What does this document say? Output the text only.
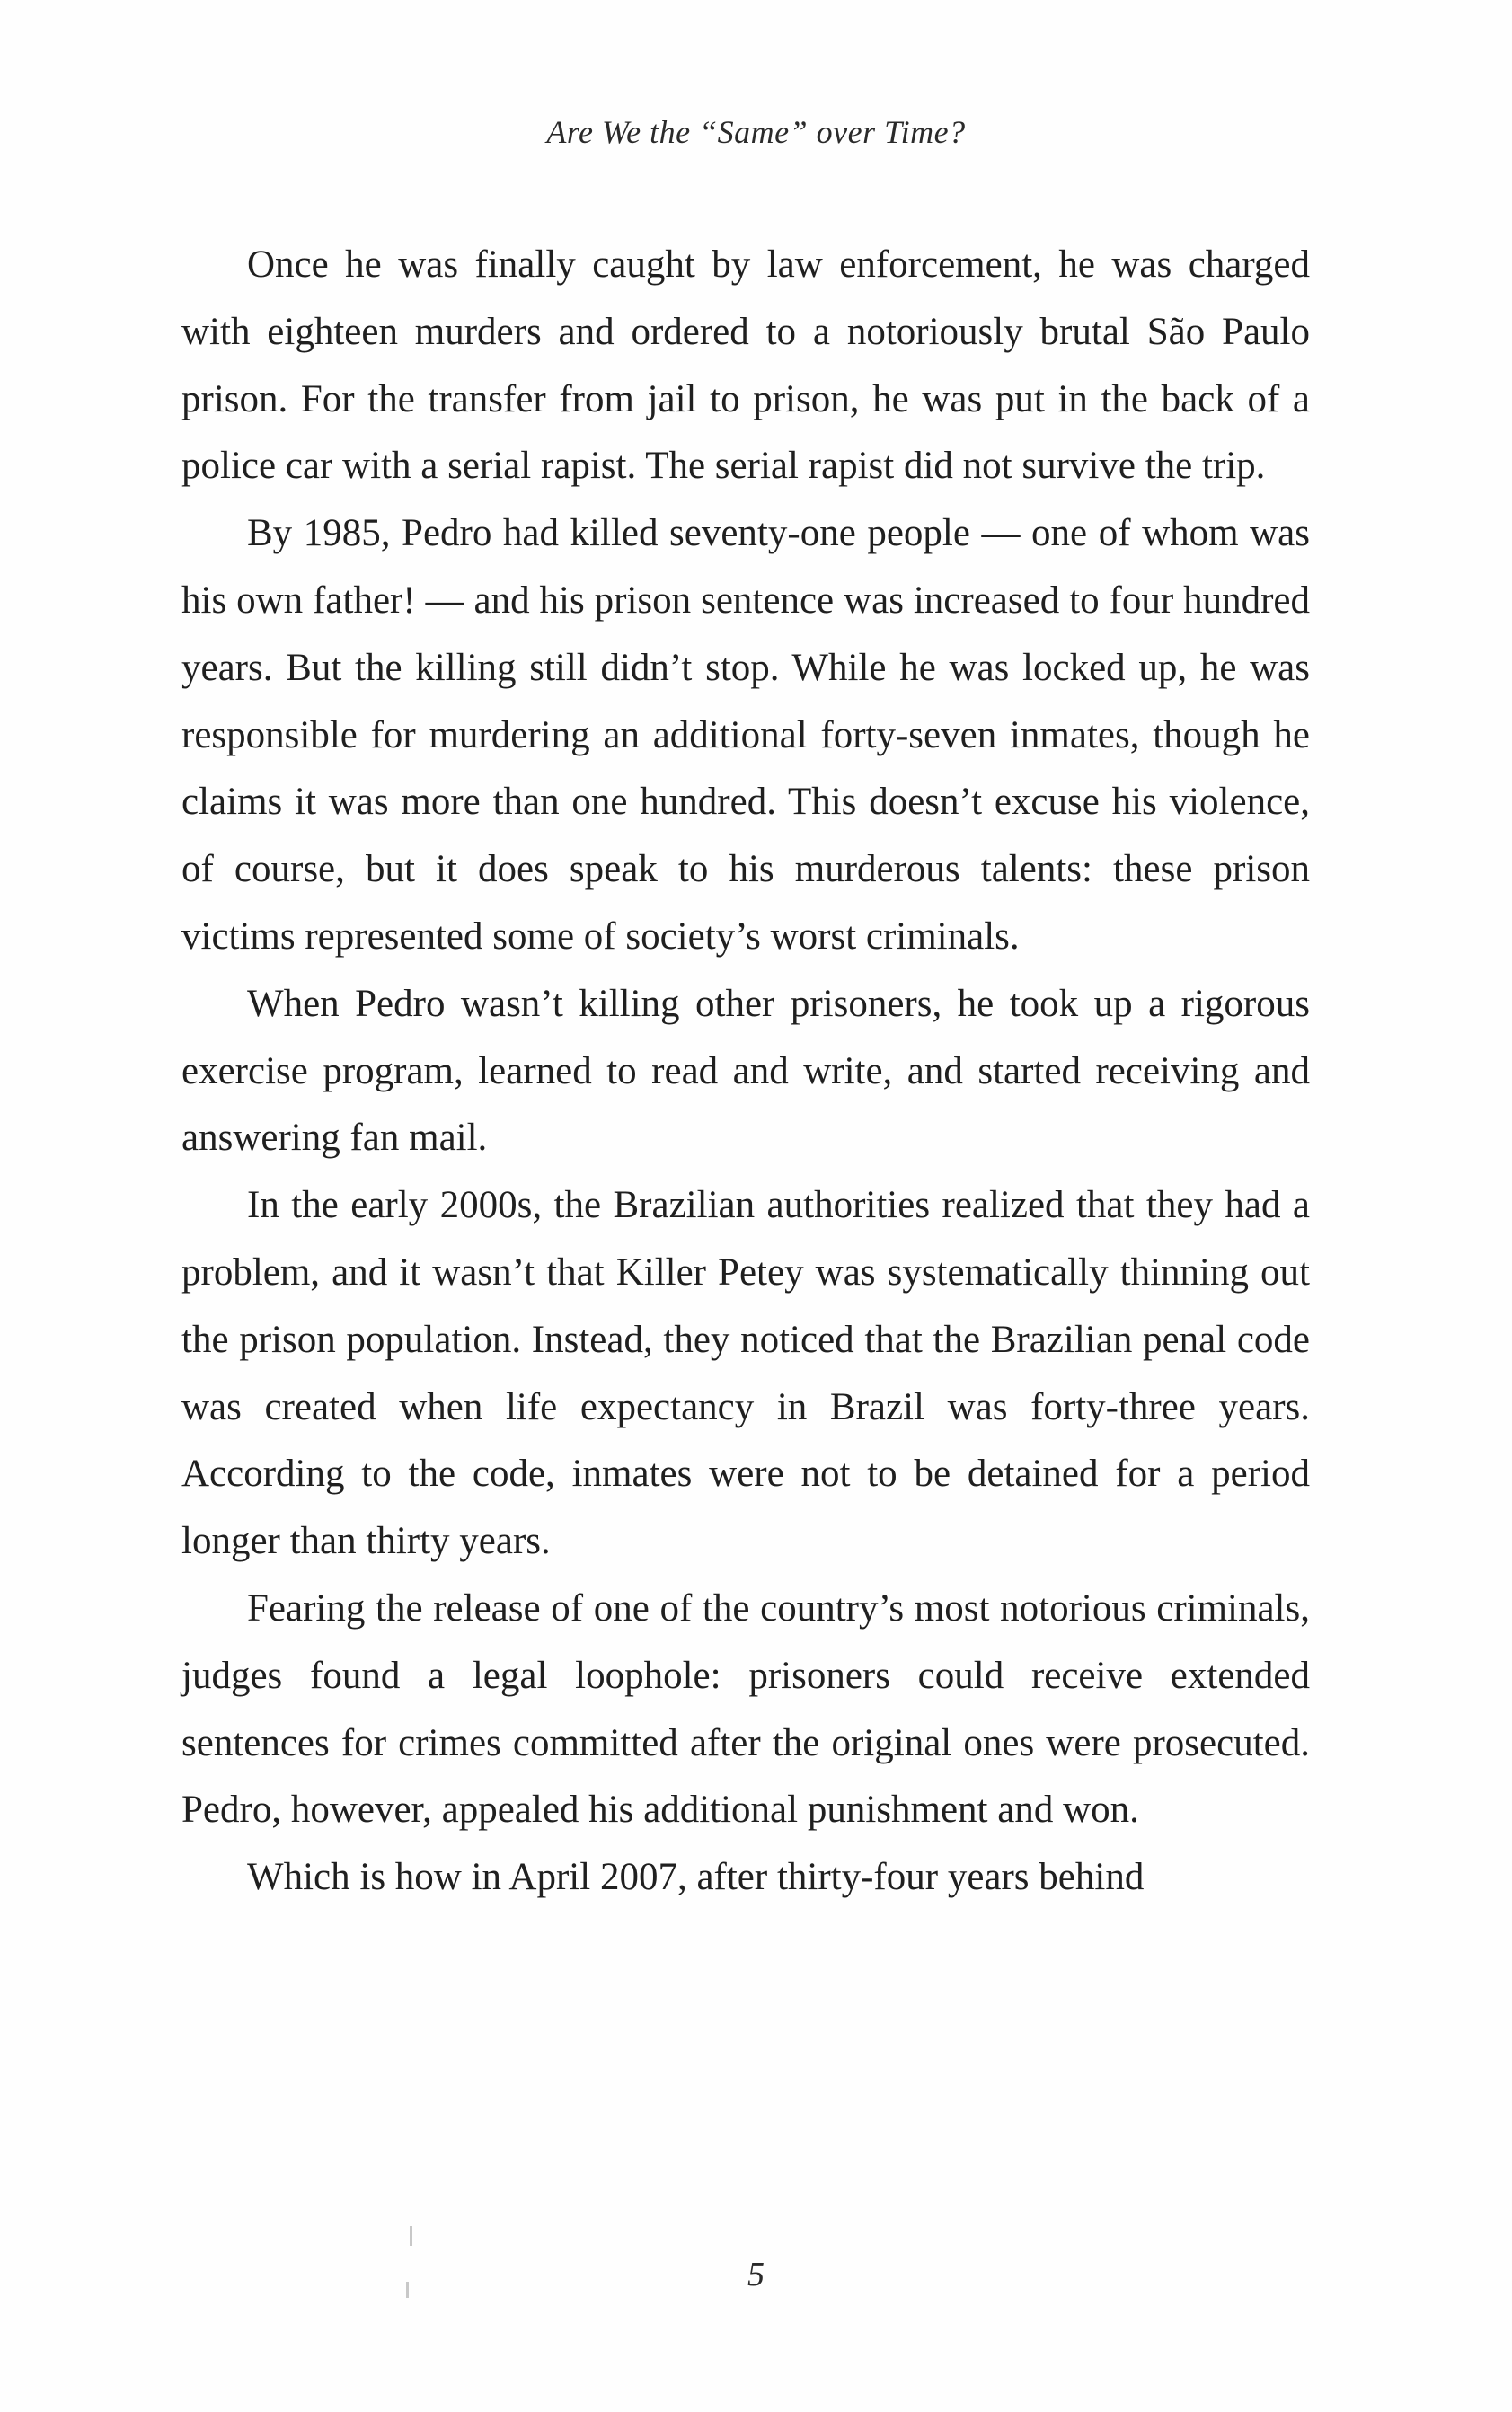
Are We the “Same” over Time?

Once he was finally caught by law enforcement, he was charged with eighteen murders and ordered to a notoriously brutal São Paulo prison. For the transfer from jail to prison, he was put in the back of a police car with a serial rapist. The serial rapist did not survive the trip.

By 1985, Pedro had killed seventy-one people — one of whom was his own father! — and his prison sentence was increased to four hundred years. But the killing still didn’t stop. While he was locked up, he was responsible for murdering an additional forty-seven inmates, though he claims it was more than one hundred. This doesn’t excuse his violence, of course, but it does speak to his murderous talents: these prison victims represented some of society’s worst criminals.

When Pedro wasn’t killing other prisoners, he took up a rigorous exercise program, learned to read and write, and started receiving and answering fan mail.

In the early 2000s, the Brazilian authorities realized that they had a problem, and it wasn’t that Killer Petey was systematically thinning out the prison population. Instead, they noticed that the Brazilian penal code was created when life expectancy in Brazil was forty-three years. According to the code, inmates were not to be detained for a period longer than thirty years.

Fearing the release of one of the country’s most notorious criminals, judges found a legal loophole: prisoners could receive extended sentences for crimes committed after the original ones were prosecuted. Pedro, however, appealed his additional punishment and won.

Which is how in April 2007, after thirty-four years behind

5
